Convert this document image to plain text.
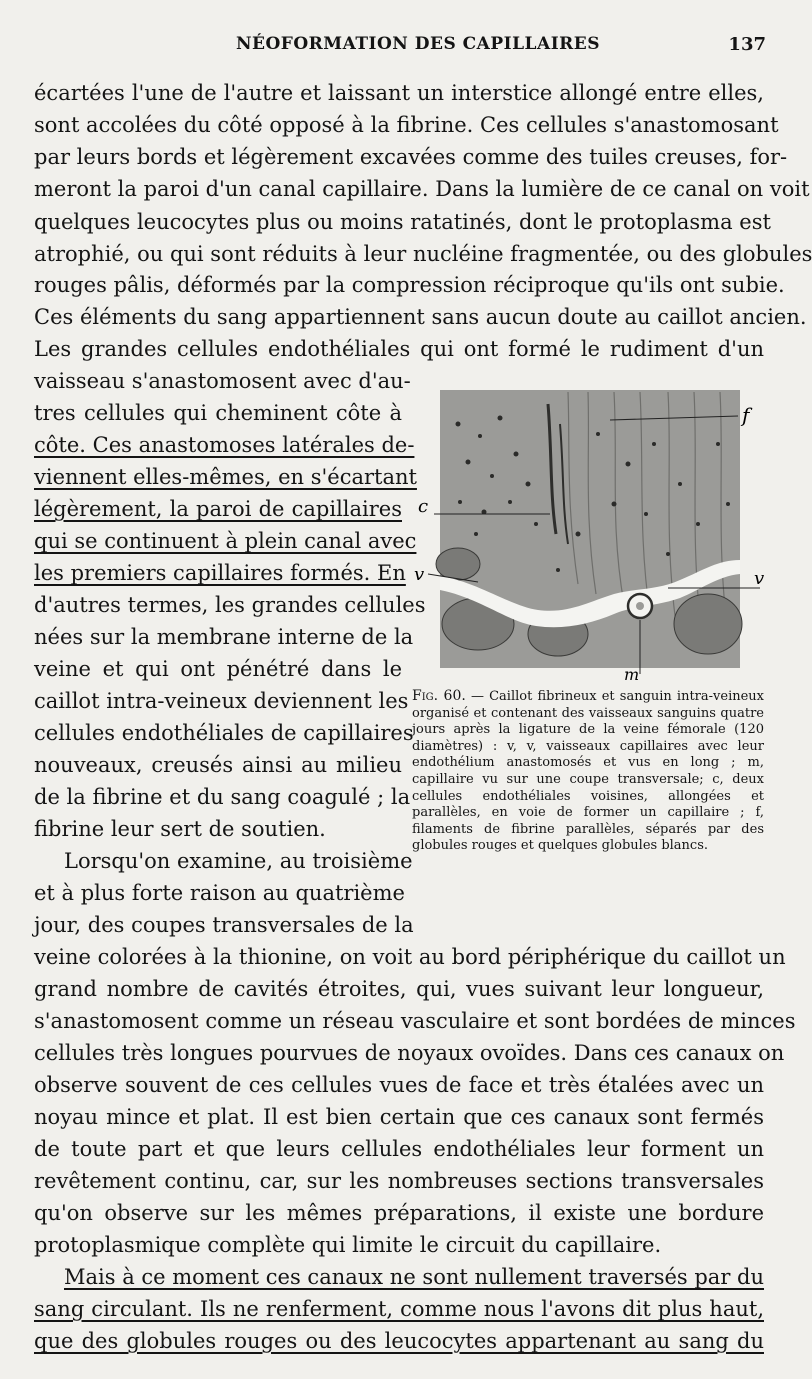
NÉOFORMATION DES CAPILLAIRES	137
écartées l'une de l'autre et laissant un interstice allongé entre elles,
sont accolées du côté opposé à la fibrine. Ces cellules s'anastomosant
par leurs bords et légèrement excavées comme des tuiles creuses, for-
meront la paroi d'un canal capillaire. Dans la lumière de ce canal on voit
quelques leucocytes plus ou moins ratatinés, dont le protoplasma est
atrophié, ou qui sont réduits à leur nucléine fragmentée, ou des globules
rouges pâlis, déformés par la compression réciproque qu'ils ont subie.
Ces éléments du sang appartiennent sans aucun doute au caillot ancien.
Les grandes cellules endothéliales qui ont formé le rudiment d'un
vaisseau s'anastomosent avec d'au-
tres cellules qui cheminent côte à
côte. Ces anastomoses latérales de-
viennent elles-mêmes, en s'écartant
légèrement, la paroi de capillaires
qui se continuent à plein canal avec
les premiers capillaires formés. En
d'autres termes, les grandes cellules
nées sur la membrane interne de la
veine et qui ont pénétré dans le
caillot intra-veineux deviennent les
cellules endothéliales de capillaires
nouveaux, creusés ainsi au milieu
de la fibrine et du sang coagulé ; la
fibrine leur sert de soutien.
Lorsqu'on examine, au troisième
et à plus forte raison au quatrième
jour, des coupes transversales de la
veine colorées à la thionine, on voit au bord périphérique du caillot un
grand nombre de cavités étroites, qui, vues suivant leur longueur,
s'anastomosent comme un réseau vasculaire et sont bordées de minces
cellules très longues pourvues de noyaux ovoïdes. Dans ces canaux on
observe souvent de ces cellules vues de face et très étalées avec un
noyau mince et plat. Il est bien certain que ces canaux sont fermés
de toute part et que leurs cellules endothéliales leur forment un
revêtement continu, car, sur les nombreuses sections transversales
qu'on observe sur les mêmes préparations, il existe une bordure
protoplasmique complète qui limite le circuit du capillaire.
Mais à ce moment ces canaux ne sont nullement traversés par du
sang circulant. Ils ne renferment, comme nous l'avons dit plus haut,
que des globules rouges ou des leucocytes appartenant au sang du
f
c
v	v
m
Fig. 60. — Caillot fibrineux et sanguin intra-veineux organisé et contenant des vaisseaux sanguins quatre jours après la ligature de la veine fémorale (120 diamètres) : v, v, vaisseaux capillaires avec leur endothélium anastomosés et vus en long ; m, capillaire vu sur une coupe transversale; c, deux cellules endothéliales voisines, allongées et parallèles, en voie de former un capillaire ; f, filaments de fibrine parallèles, séparés par des globules rouges et quelques globules blancs.
